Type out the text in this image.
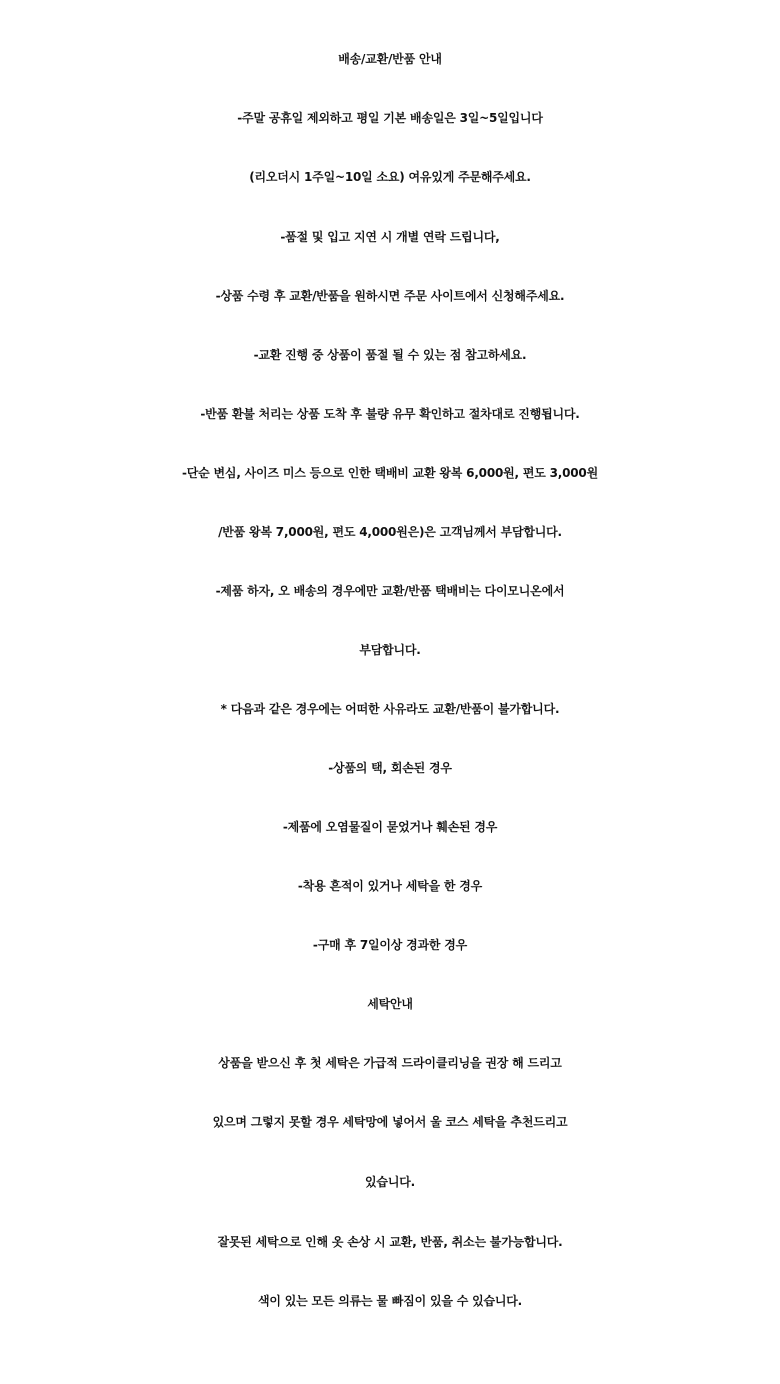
배송/교환/반품 안내
-주말 공휴일 제외하고 평일 기본 배송일은 3일~5일입니다
(리오더시 1주일~10일 소요) 여유있게 주문해주세요.
-품절 및 입고 지연 시 개별 연락 드립니다,
-상품 수령 후 교환/반품을 원하시면 주문 사이트에서 신청해주세요.
-교환 진행 중 상품이 품절 될 수 있는 점 참고하세요.
-반품 환불 처리는 상품 도착 후 불량 유무 확인하고 절차대로 진행됩니다.
-단순 변심, 사이즈 미스 등으로 인한 택배비 교환 왕복 6,000원, 편도 3,000원
/반품 왕복 7,000원, 편도 4,000원은)은 고객님께서 부담합니다.
-제품 하자, 오 배송의 경우에만 교환/반품 택배비는 다이모니온에서
부담합니다.
* 다음과 같은 경우에는 어떠한 사유라도 교환/반품이 불가합니다.
-상품의 택, 회손된 경우
-제품에 오염물질이 묻었거나 훼손된 경우
-착용 흔적이 있거나 세탁을 한 경우
-구매 후 7일이상 경과한 경우
세탁안내
상품을 받으신 후 첫 세탁은 가급적 드라이클리닝을 권장 해 드리고
있으며 그렇지 못할 경우 세탁망에 넣어서 울 코스 세탁을 추천드리고
있습니다.
잘못된 세탁으로 인해 옷 손상 시 교환, 반품, 취소는 불가능합니다.
색이 있는 모든 의류는 물 빠짐이 있을 수 있습니다.
